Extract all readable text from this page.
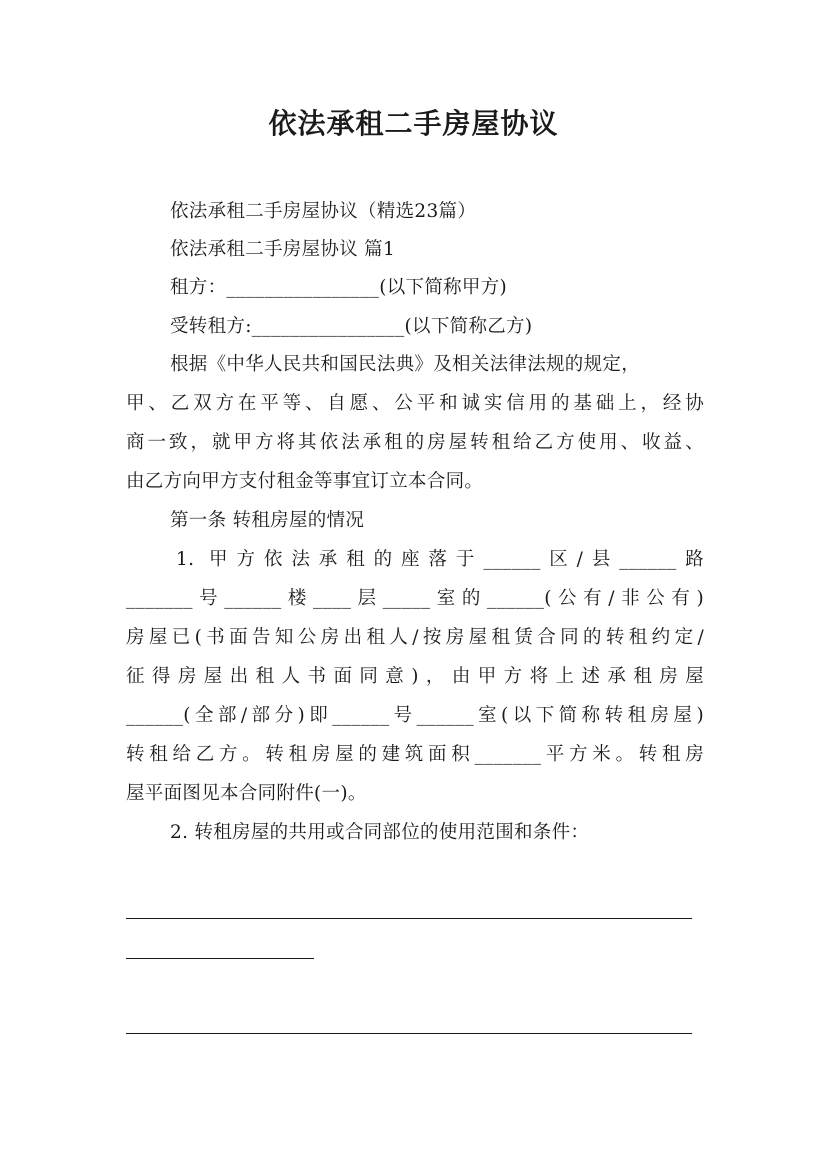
依法承租二手房屋协议
依法承租二手房屋协议（精选23篇）
依法承租二手房屋协议 篇1
租方：________________(以下简称甲方)
受转租方:________________(以下简称乙方)
根据《中华人民共和国民法典》及相关法律法规的规定，
甲、乙双方在平等、自愿、公平和诚实信用的基础上，经协
商一致，就甲方将其依法承租的房屋转租给乙方使用、收益、
由乙方向甲方支付租金等事宜订立本合同。
第一条 转租房屋的情况
1. 甲方依法承租的座落于______区/县______路
_______号______楼____层_____室的______(公有/非公有)
房屋已(书面告知公房出租人/按房屋租赁合同的转租约定/
征得房屋出租人书面同意)，由甲方将上述承租房屋
______(全部/部分)即______号______室(以下简称转租房屋)
转租给乙方。转租房屋的建筑面积_______平方米。转租房
屋平面图见本合同附件(一)。
2. 转租房屋的共用或合同部位的使用范围和条件：
